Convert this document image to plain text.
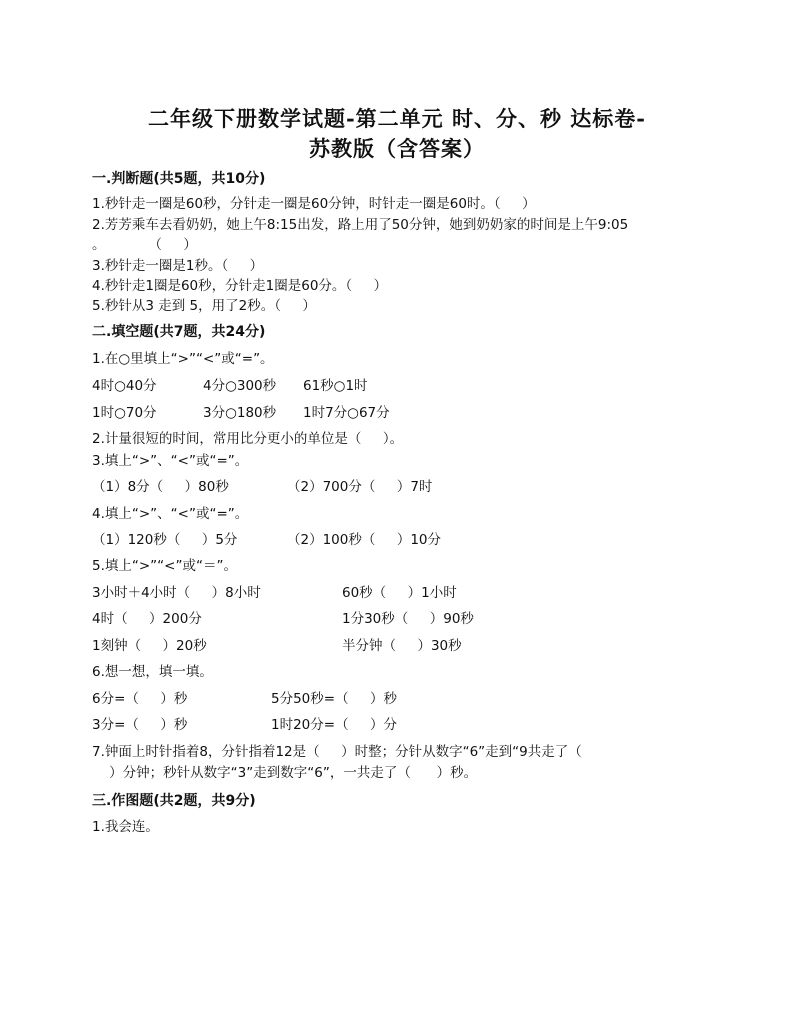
二年级下册数学试题-第二单元 时、分、秒 达标卷-
苏教版（含答案）
一.判断题(共5题，共10分)
1.秒针走一圈是60秒，分针走一圈是60分钟，时针走一圈是60时。（     ）
2.芳芳乘车去看奶奶，她上午8:15出发，路上用了50分钟，她到奶奶家的时间是上午9:05
。          （     ）
3.秒针走一圈是1秒。（     ）
4.秒针走1圈是60秒，分针走1圈是60分。（     ）
5.秒针从3 走到 5，用了2秒。（     ）
二.填空题(共7题，共24分)
1.在○里填上“>”“<”或“=”。
4时○40分	4分○300秒 61秒○1时
1时○70分	3分○180秒 1时7分○67分
2.计量很短的时间，常用比分更小的单位是（     ）。
3.填上“>”、“<”或“=”。
（1）8分（     ）80秒	（2）700分（     ）7时
4.填上“>”、“<”或“=”。
（1）120秒（     ）5分	（2）100秒（     ）10分
5.填上“>”“<”或“＝”。
3小时＋4小时（     ）8小时	60秒（     ）1小时
4时（     ）200分	1分30秒（     ）90秒
1刻钟（     ）20秒	半分钟（     ）30秒
6.想一想，填一填。
6分=（     ）秒	5分50秒=（     ）秒
3分=（     ）秒	1时20分=（     ）分
7.钟面上时针指着8，分针指着12是（     ）时整；分针从数字“6”走到“9共走了（
）分钟；秒针从数字“3”走到数字“6”，一共走了（      ）秒。
三.作图题(共2题，共9分)
1.我会连。
